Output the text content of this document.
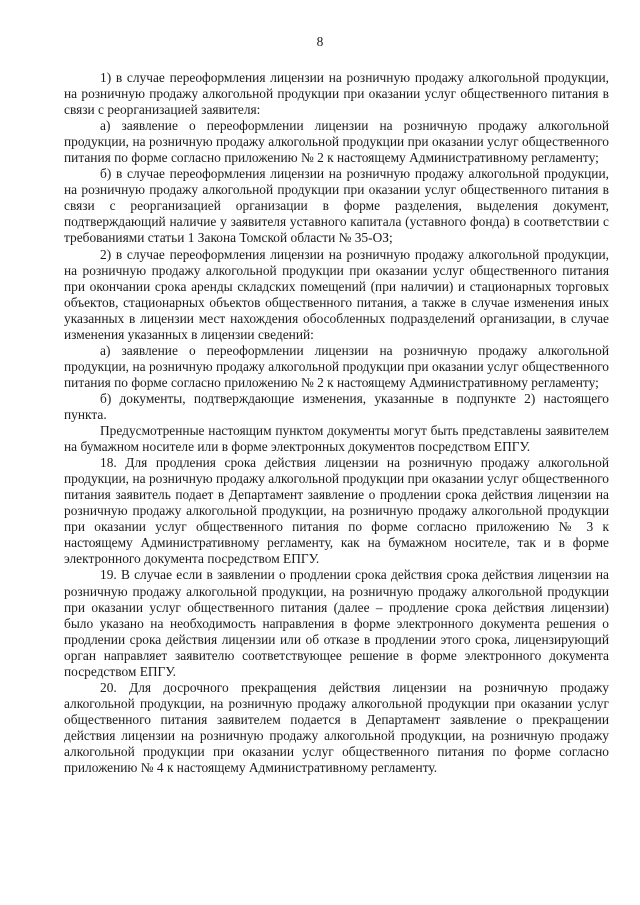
8

1) в случае переоформления лицензии на розничную продажу алкогольной продукции, на розничную продажу алкогольной продукции при оказании услуг общественного питания в связи с реорганизацией заявителя:

а) заявление о переоформлении лицензии на розничную продажу алкогольной продукции, на розничную продажу алкогольной продукции при оказании услуг общественного питания по форме согласно приложению № 2 к настоящему Административному регламенту;

б) в случае переоформления лицензии на розничную продажу алкогольной продукции, на розничную продажу алкогольной продукции при оказании услуг общественного питания в связи с реорганизацией организации в форме разделения, выделения документ, подтверждающий наличие у заявителя уставного капитала (уставного фонда) в соответствии с требованиями статьи 1 Закона Томской области № 35-ОЗ;

2) в случае переоформления лицензии на розничную продажу алкогольной продукции, на розничную продажу алкогольной продукции при оказании услуг общественного питания при окончании срока аренды складских помещений (при наличии) и стационарных торговых объектов, стационарных объектов общественного питания, а также в случае изменения иных указанных в лицензии мест нахождения обособленных подразделений организации, в случае изменения указанных в лицензии сведений:

а) заявление о переоформлении лицензии на розничную продажу алкогольной продукции, на розничную продажу алкогольной продукции при оказании услуг общественного питания по форме согласно приложению № 2 к настоящему Административному регламенту;

б) документы, подтверждающие изменения, указанные в подпункте 2) настоящего пункта.

Предусмотренные настоящим пунктом документы могут быть представлены заявителем на бумажном носителе или в форме электронных документов посредством ЕПГУ.

18. Для продления срока действия лицензии на розничную продажу алкогольной продукции, на розничную продажу алкогольной продукции при оказании услуг общественного питания заявитель подает в Департамент заявление о продлении срока действия лицензии на розничную продажу алкогольной продукции, на розничную продажу алкогольной продукции при оказании услуг общественного питания по форме согласно приложению № 3 к настоящему Административному регламенту, как на бумажном носителе, так и в форме электронного документа посредством ЕПГУ.

19. В случае если в заявлении о продлении срока действия срока действия лицензии на розничную продажу алкогольной продукции, на розничную продажу алкогольной продукции при оказании услуг общественного питания (далее – продление срока действия лицензии) было указано на необходимость направления в форме электронного документа решения о продлении срока действия лицензии или об отказе в продлении этого срока, лицензирующий орган направляет заявителю соответствующее решение в форме электронного документа посредством ЕПГУ.

20. Для досрочного прекращения действия лицензии на розничную продажу алкогольной продукции, на розничную продажу алкогольной продукции при оказании услуг общественного питания заявителем подается в Департамент заявление о прекращении действия лицензии на розничную продажу алкогольной продукции, на розничную продажу алкогольной продукции при оказании услуг общественного питания по форме согласно приложению № 4 к настоящему Административному регламенту.
